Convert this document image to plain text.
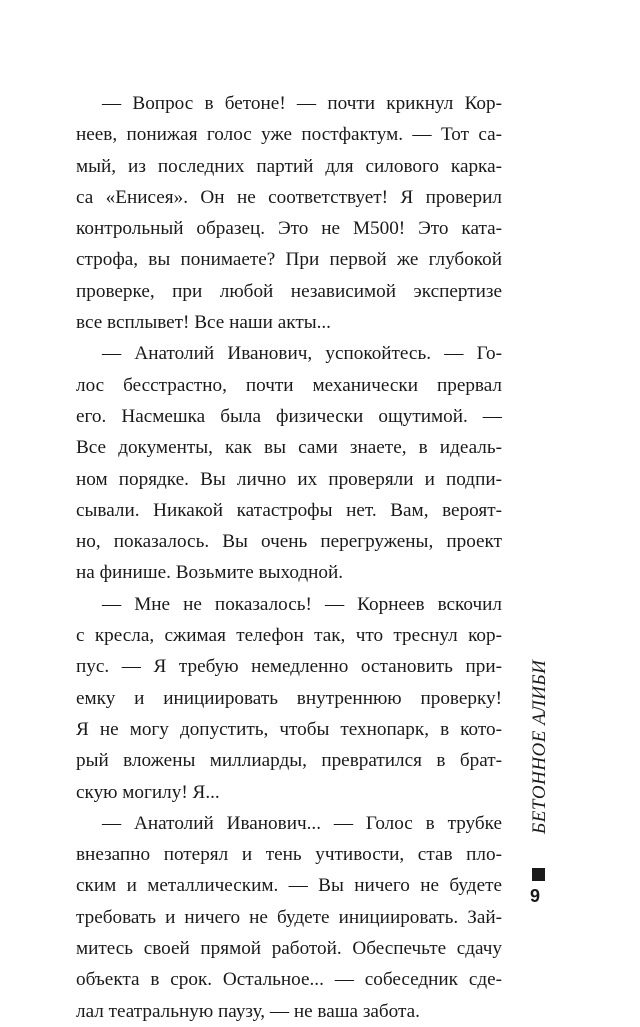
— Вопрос в бетоне! — почти крикнул Кор-
неев, понижая голос уже постфактум. — Тот са-
мый, из последних партий для силового карка-
са «Енисея». Он не соответствует! Я проверил
контрольный образец. Это не М500! Это ката-
строфа, вы понимаете? При первой же глубокой
проверке, при любой независимой экспертизе
все всплывет! Все наши акты...
— Анатолий Иванович, успокойтесь. — Го-
лос бесстрастно, почти механически прервал
его. Насмешка была физически ощутимой. —
Все документы, как вы сами знаете, в идеаль-
ном порядке. Вы лично их проверяли и подпи-
сывали. Никакой катастрофы нет. Вам, вероят-
но, показалось. Вы очень перегружены, проект
на финише. Возьмите выходной.
— Мне не показалось! — Корнеев вскочил
с кресла, сжимая телефон так, что треснул кор-
пус. — Я требую немедленно остановить при-
емку и инициировать внутреннюю проверку!
Я не могу допустить, чтобы технопарк, в кото-
рый вложены миллиарды, превратился в брат-
скую могилу! Я...
— Анатолий Иванович... — Голос в трубке
внезапно потерял и тень учтивости, став пло-
ским и металлическим. — Вы ничего не будете
требовать и ничего не будете инициировать. Зай-
митесь своей прямой работой. Обеспечьте сдачу
объекта в срок. Остальное... — собеседник сде-
лал театральную паузу, — не ваша забота.
БЕТОННОЕ АЛИБИ
9
